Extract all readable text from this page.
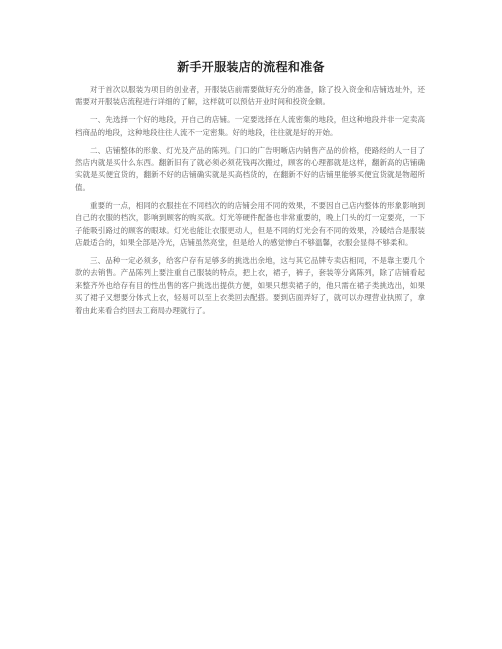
新手开服装店的流程和准备

对于首次以服装为项目的创业者，开服装店前需要做好充分的准备，除了投入资金和店铺选址外，还需要对开服装店流程进行详细的了解，这样就可以预估开业时间和投资金额。

一、先选择一个好的地段，开自己的店铺。一定要选择在人流密集的地段，但这种地段并非一定卖高档商品的地段，这种地段往往人流不一定密集。好的地段，往往就是好的开始。

二、店铺整体的形象、灯光及产品的陈列。门口的广告明晰店内销售产品的价格，使路经的人一目了然店内就是买什么东西。翻新旧有了就必须必须花钱再次搬过，顾客的心理都就是这样，翻新高的店铺确实就是买便宜货的，翻新不好的店铺确实就是买高档货的，在翻新不好的店铺里能够买便宜货就是物超所值。

重要的一点，相同的衣服挂在不同档次的的店铺会用不同的效果，不要因自己店内整体的形象影响到自己的衣服的档次，影响到顾客的购买欲。灯光等硬件配备也非常重要的，晚上门头的灯一定要亮，一下子能吸引路过的顾客的眼球。灯光也能让衣服更动人，但是不同的灯光会有不同的效果，冷暖结合是服装店最适合的，如果全部是冷光，店铺虽然亮堂，但是给人的感觉惨白不够温馨，衣服会显得不够柔和。

三、品种一定必须多，给客户存有足够多的挑选出余地，这与其它品牌专卖店相同，不是靠主要几个款的去销售。产品陈列上要注重自己服装的特点，把上衣，裙子，裤子，套装等分离陈列，除了店铺看起来整齐外也给存有目的性出售的客户挑选出提供方便，如果只想卖裙子的，他只需在裙子类挑选出，如果买了裙子又想要分体式上衣，轻易可以至上衣类回去配搭。要到店面弄好了，就可以办理营业执照了，拿着由此来看合约回去工商局办理就行了。
